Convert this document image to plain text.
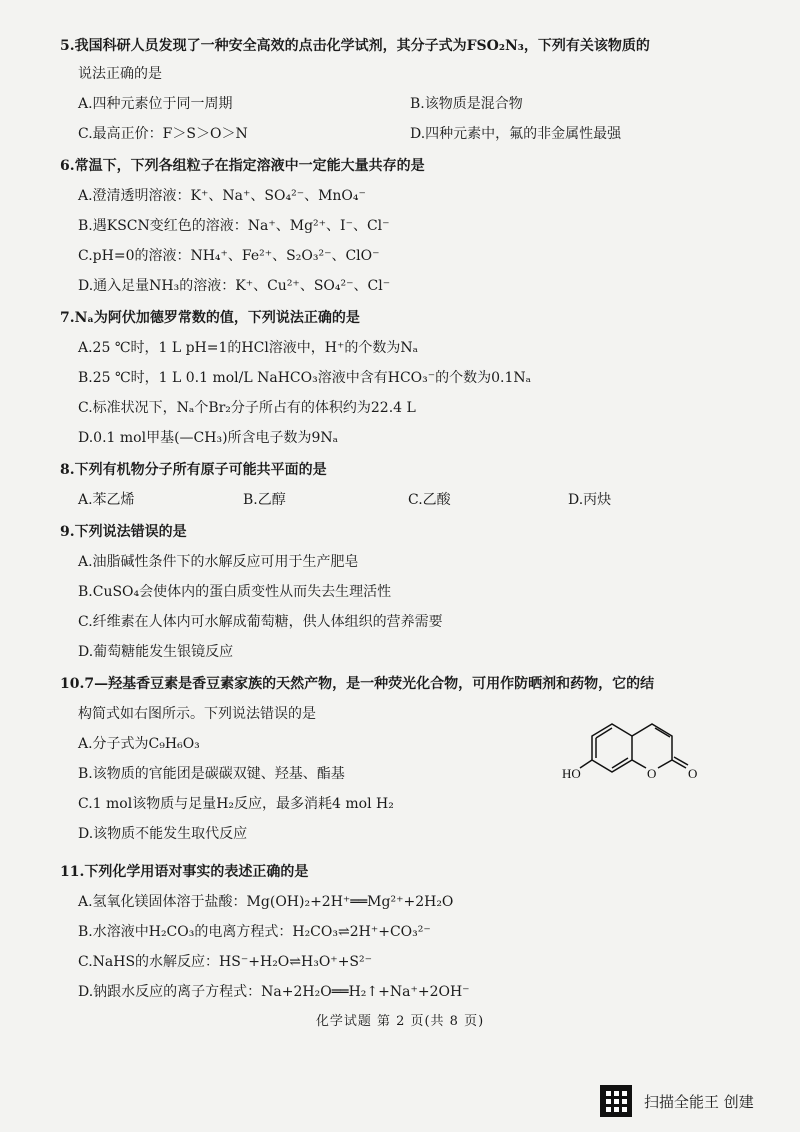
5.我国科研人员发现了一种安全高效的点击化学试剂，其分子式为FSO₂N₃，下列有关该物质的
说法正确的是
A.四种元素位于同一周期	B.该物质是混合物
C.最高正价：F＞S＞O＞N	D.四种元素中，氟的非金属性最强
6.常温下，下列各组粒子在指定溶液中一定能大量共存的是
A.澄清透明溶液：K⁺、Na⁺、SO₄²⁻、MnO₄⁻
B.遇KSCN变红色的溶液：Na⁺、Mg²⁺、I⁻、Cl⁻
C.pH=0的溶液：NH₄⁺、Fe²⁺、S₂O₃²⁻、ClO⁻
D.通入足量NH₃的溶液：K⁺、Cu²⁺、SO₄²⁻、Cl⁻
7.Nₐ为阿伏加德罗常数的值，下列说法正确的是
A.25 ℃时，1 L pH=1的HCl溶液中，H⁺的个数为Nₐ
B.25 ℃时，1 L 0.1 mol/L NaHCO₃溶液中含有HCO₃⁻的个数为0.1Nₐ
C.标准状况下，Nₐ个Br₂分子所占有的体积约为22.4 L
D.0.1 mol甲基(—CH₃)所含电子数为9Nₐ
8.下列有机物分子所有原子可能共平面的是
A.苯乙烯	B.乙醇	C.乙酸	D.丙炔
9.下列说法错误的是
A.油脂碱性条件下的水解反应可用于生产肥皂
B.CuSO₄会使体内的蛋白质变性从而失去生理活性
C.纤维素在人体内可水解成葡萄糖，供人体组织的营养需要
D.葡萄糖能发生银镜反应
10.7—羟基香豆素是香豆素家族的天然产物，是一种荧光化合物，可用作防晒剂和药物，它的结
构简式如右图所示。下列说法错误的是
A.分子式为C₉H₆O₃
B.该物质的官能团是碳碳双键、羟基、酯基
C.1 mol该物质与足量H₂反应，最多消耗4 mol H₂
D.该物质不能发生取代反应
HO	O O
11.下列化学用语对事实的表述正确的是
A.氢氧化镁固体溶于盐酸：Mg(OH)₂+2H⁺══Mg²⁺+2H₂O
B.水溶液中H₂CO₃的电离方程式：H₂CO₃⇌2H⁺+CO₃²⁻
C.NaHS的水解反应：HS⁻+H₂O⇌H₃O⁺+S²⁻
D.钠跟水反应的离子方程式：Na+2H₂O══H₂↑+Na⁺+2OH⁻
化学试题 第 2 页(共 8 页)
扫描全能王 创建
